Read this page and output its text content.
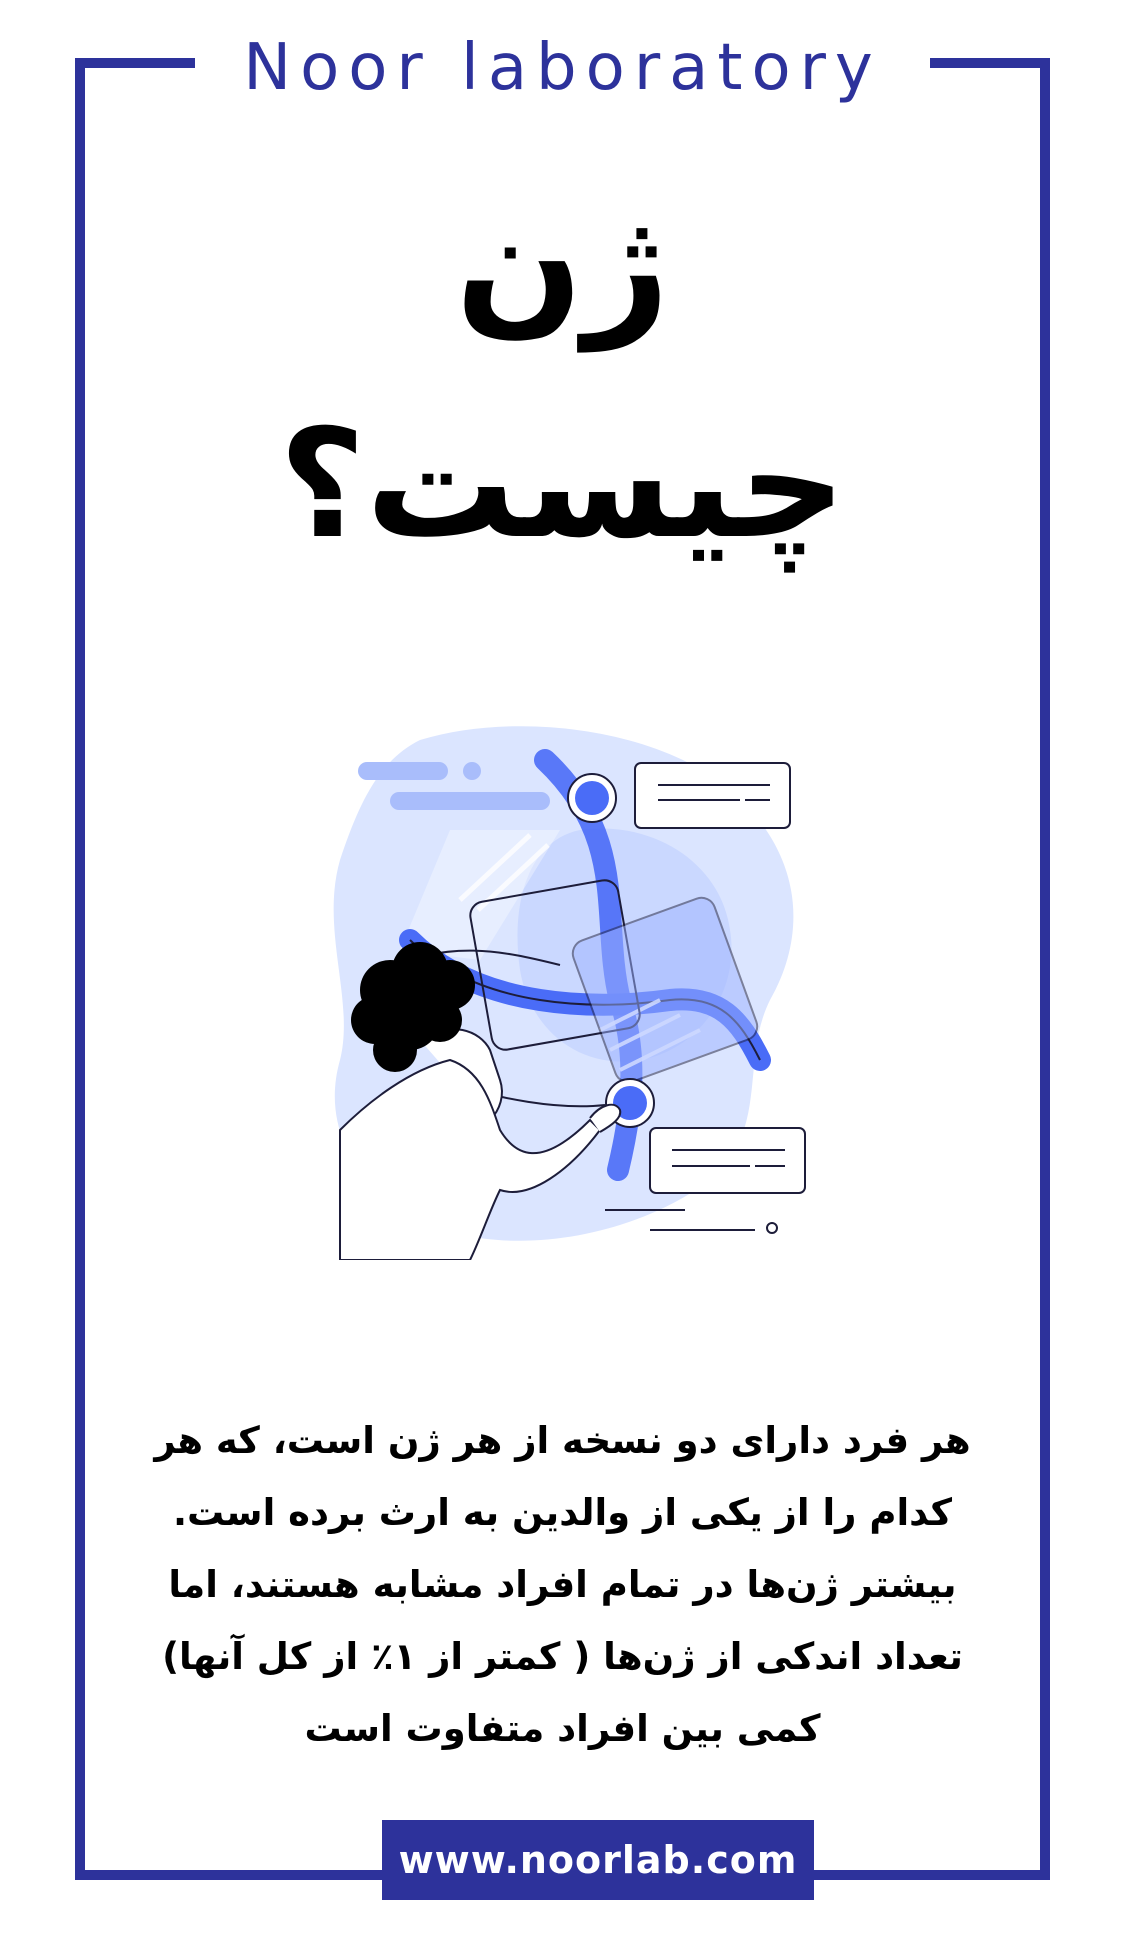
Noor laboratory
ژن
چیست؟
هر فرد دارای دو نسخه از هر ژن است، که هر
کدام را از یکی از والدین به ارث برده است.
بیشتر ژن‌ها در تمام افراد مشابه هستند، اما
تعداد اندکی از ژن‌ها ( کمتر از ۱٪ از کل آنها)
کمی بین افراد متفاوت است
www.noorlab.com
